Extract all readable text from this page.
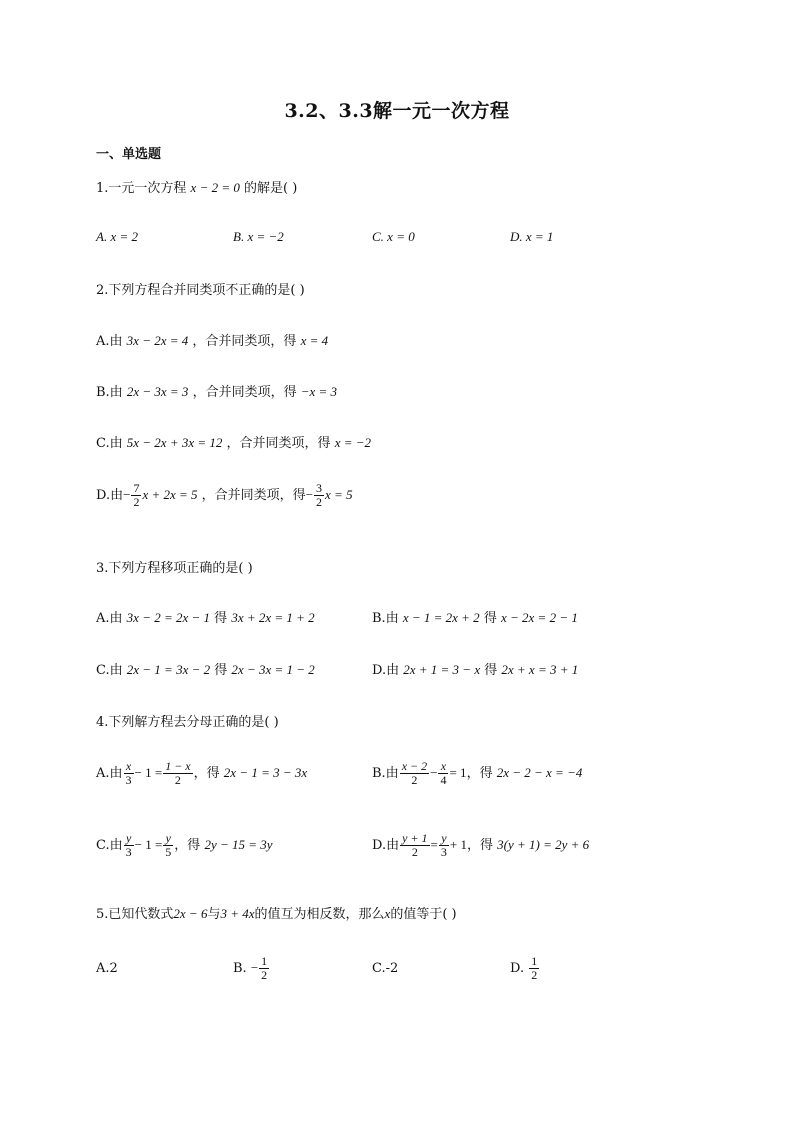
3.2、3.3解一元一次方程
一、单选题
1.一元一次方程 x − 2 = 0 的解是( )
A. x = 2	B. x = −2	C. x = 0	D. x = 1
2.下列方程合并同类项不正确的是( )
A.由 3x − 2x = 4 ，合并同类项，得 x = 4
B.由 2x − 3x = 3 ，合并同类项，得 −x = 3
C.由 5x − 2x + 3x = 12 ，合并同类项，得 x = −2
D.由− $\frac{7}{2}$ x + 2x = 5 ，合并同类项，得− $\frac{3}{2}$ x = 5
3.下列方程移项正确的是( )
A.由 3x − 2 = 2x − 1 得 3x + 2x = 1 + 2	B.由 x − 1 = 2x + 2 得 x − 2x = 2 − 1
C.由 2x − 1 = 3x − 2 得 2x − 3x = 1 − 2	D.由 2x + 1 = 3 − x 得 2x + x = 3 + 1
4.下列解方程去分母正确的是( )
A.由 $\frac{x}{3} - 1 = \frac{1 - x}{2}$ ，得 2x − 1 = 3 − 3x	B.由 $\frac{x - 2}{2} - \frac{x}{4} = 1$，得 2x − 2 − x = −4
C.由 $\frac{y}{3} - 1 = \frac{y}{5}$ ，得 2y − 15 = 3y	D.由 $\frac{y + 1}{2} = \frac{y}{3} + 1$，得 3(y + 1) = 2y + 6
5.已知代数式2x − 6与3 + 4x的值互为相反数，那么x的值等于( )
A.2	B. − $\frac{1}{2}$	C.-2	D. $\frac{1}{2}$
